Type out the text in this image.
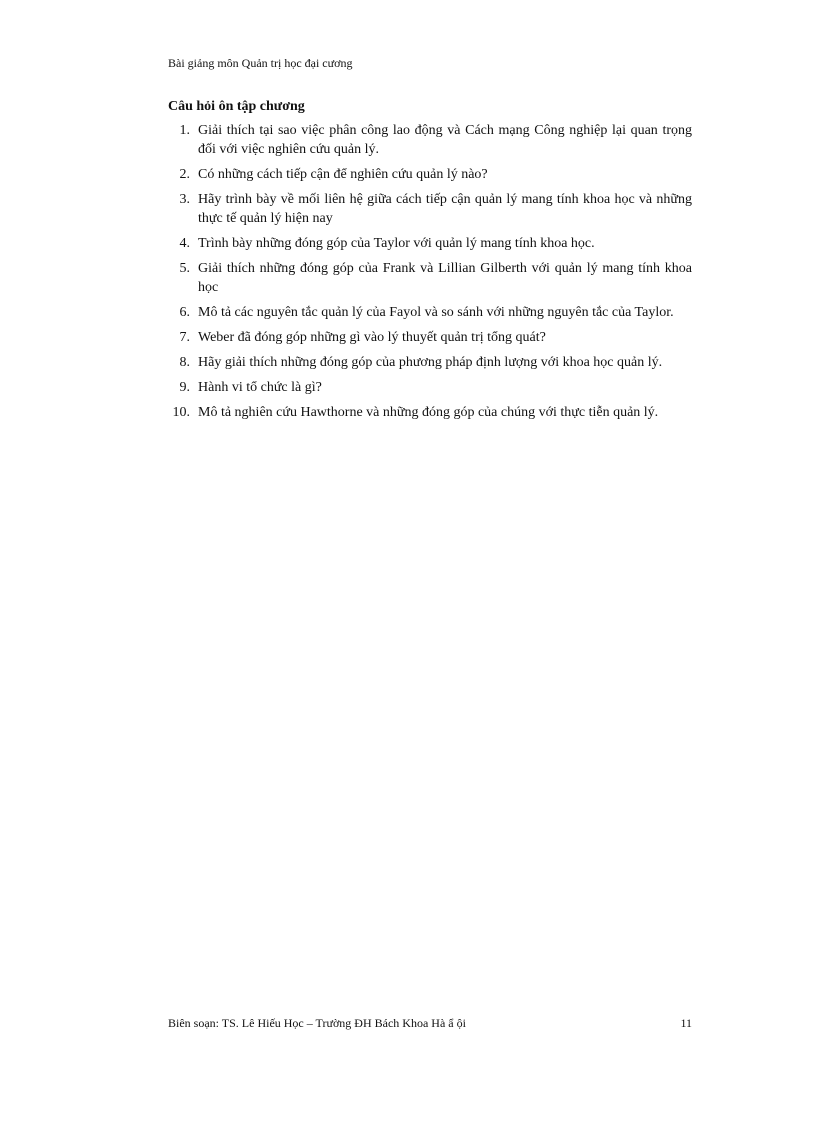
Bài giảng môn Quản trị học đại cương
Câu hỏi ôn tập chương
1. Giải thích tại sao việc phân công lao động và Cách mạng Công nghiệp lại quan trọng đối với việc nghiên cứu quản lý.
2. Có những cách tiếp cận để nghiên cứu quản lý nào?
3. Hãy trình bày về mối liên hệ giữa cách tiếp cận quản lý mang tính khoa học và những thực tế quản lý hiện nay
4. Trình bày những đóng góp của Taylor với quản lý mang tính khoa học.
5. Giải thích những đóng góp của Frank và Lillian Gilberth với quản lý mang tính khoa học
6. Mô tả các nguyên tắc quản lý của Fayol và so sánh với những nguyên tắc của Taylor.
7. Weber đã đóng góp những gì vào lý thuyết quản trị tổng quát?
8. Hãy giải thích những đóng góp của phương pháp định lượng với khoa học quản lý.
9. Hành vi tổ chức là gì?
10. Mô tả nghiên cứu Hawthorne và những đóng góp của chúng với thực tiễn quản lý.
Biên soạn: TS. Lê Hiếu Học – Trường ĐH Bách Khoa Hà ẩ ội	11
